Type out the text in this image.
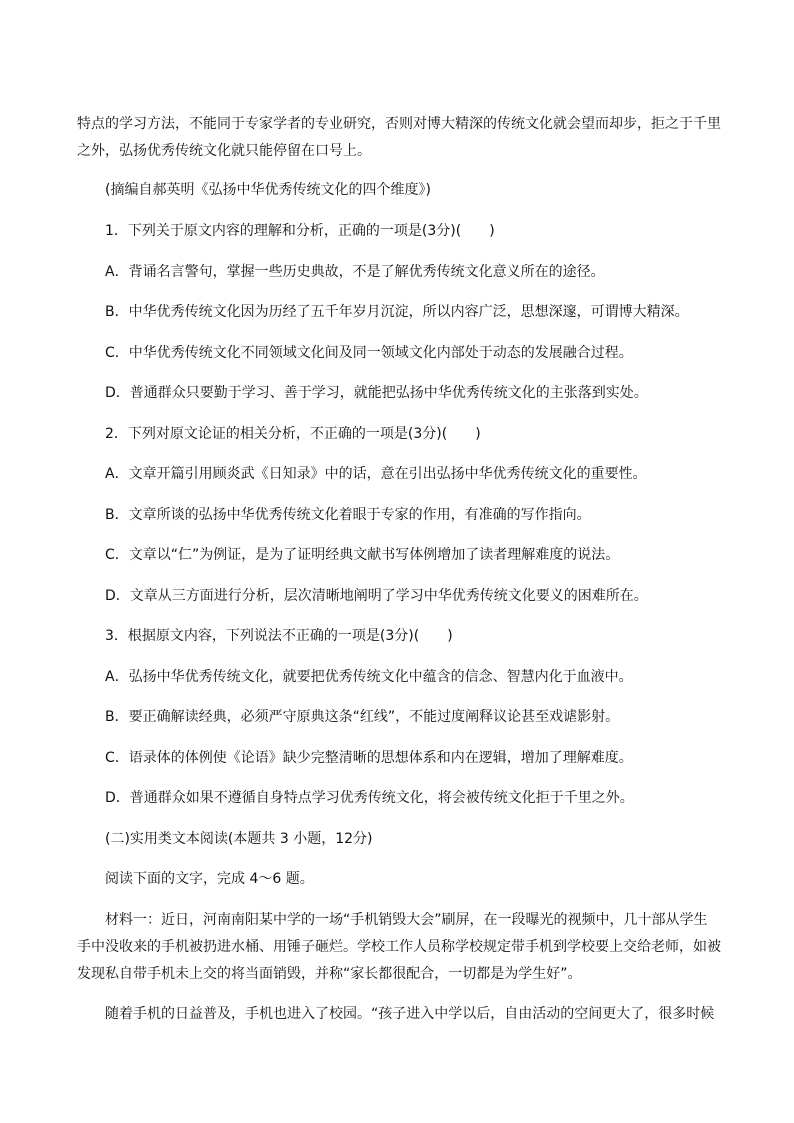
特点的学习方法，不能同于专家学者的专业研究，否则对博大精深的传统文化就会望而却步，拒之于千里
之外，弘扬优秀传统文化就只能停留在口号上。
(摘编自郝英明《弘扬中华优秀传统文化的四个维度》)
1．下列关于原文内容的理解和分析，正确的一项是(3分)( )
A．背诵名言警句，掌握一些历史典故，不是了解优秀传统文化意义所在的途径。
B．中华优秀传统文化因为历经了五千年岁月沉淀，所以内容广泛，思想深邃，可谓博大精深。
C．中华优秀传统文化不同领域文化间及同一领域文化内部处于动态的发展融合过程。
D．普通群众只要勤于学习、善于学习，就能把弘扬中华优秀传统文化的主张落到实处。
2．下列对原文论证的相关分析，不正确的一项是(3分)( )
A．文章开篇引用顾炎武《日知录》中的话，意在引出弘扬中华优秀传统文化的重要性。
B．文章所谈的弘扬中华优秀传统文化着眼于专家的作用，有准确的写作指向。
C．文章以“仁”为例证，是为了证明经典文献书写体例增加了读者理解难度的说法。
D．文章从三方面进行分析，层次清晰地阐明了学习中华优秀传统文化要义的困难所在。
3．根据原文内容，下列说法不正确的一项是(3分)( )
A．弘扬中华优秀传统文化，就要把优秀传统文化中蕴含的信念、智慧内化于血液中。
B．要正确解读经典，必须严守原典这条“红线”，不能过度阐释议论甚至戏谑影射。
C．语录体的体例使《论语》缺少完整清晰的思想体系和内在逻辑，增加了理解难度。
D．普通群众如果不遵循自身特点学习优秀传统文化，将会被传统文化拒于千里之外。
(二)实用类文本阅读(本题共 3 小题，12分)
阅读下面的文字，完成 4～6 题。
材料一：近日，河南南阳某中学的一场“手机销毁大会”刷屏，在一段曝光的视频中，几十部从学生
手中没收来的手机被扔进水桶、用锤子砸烂。学校工作人员称学校规定带手机到学校要上交给老师，如被
发现私自带手机未上交的将当面销毁，并称“家长都很配合，一切都是为学生好”。
随着手机的日益普及，手机也进入了校园。“孩子进入中学以后，自由活动的空间更大了，很多时候
